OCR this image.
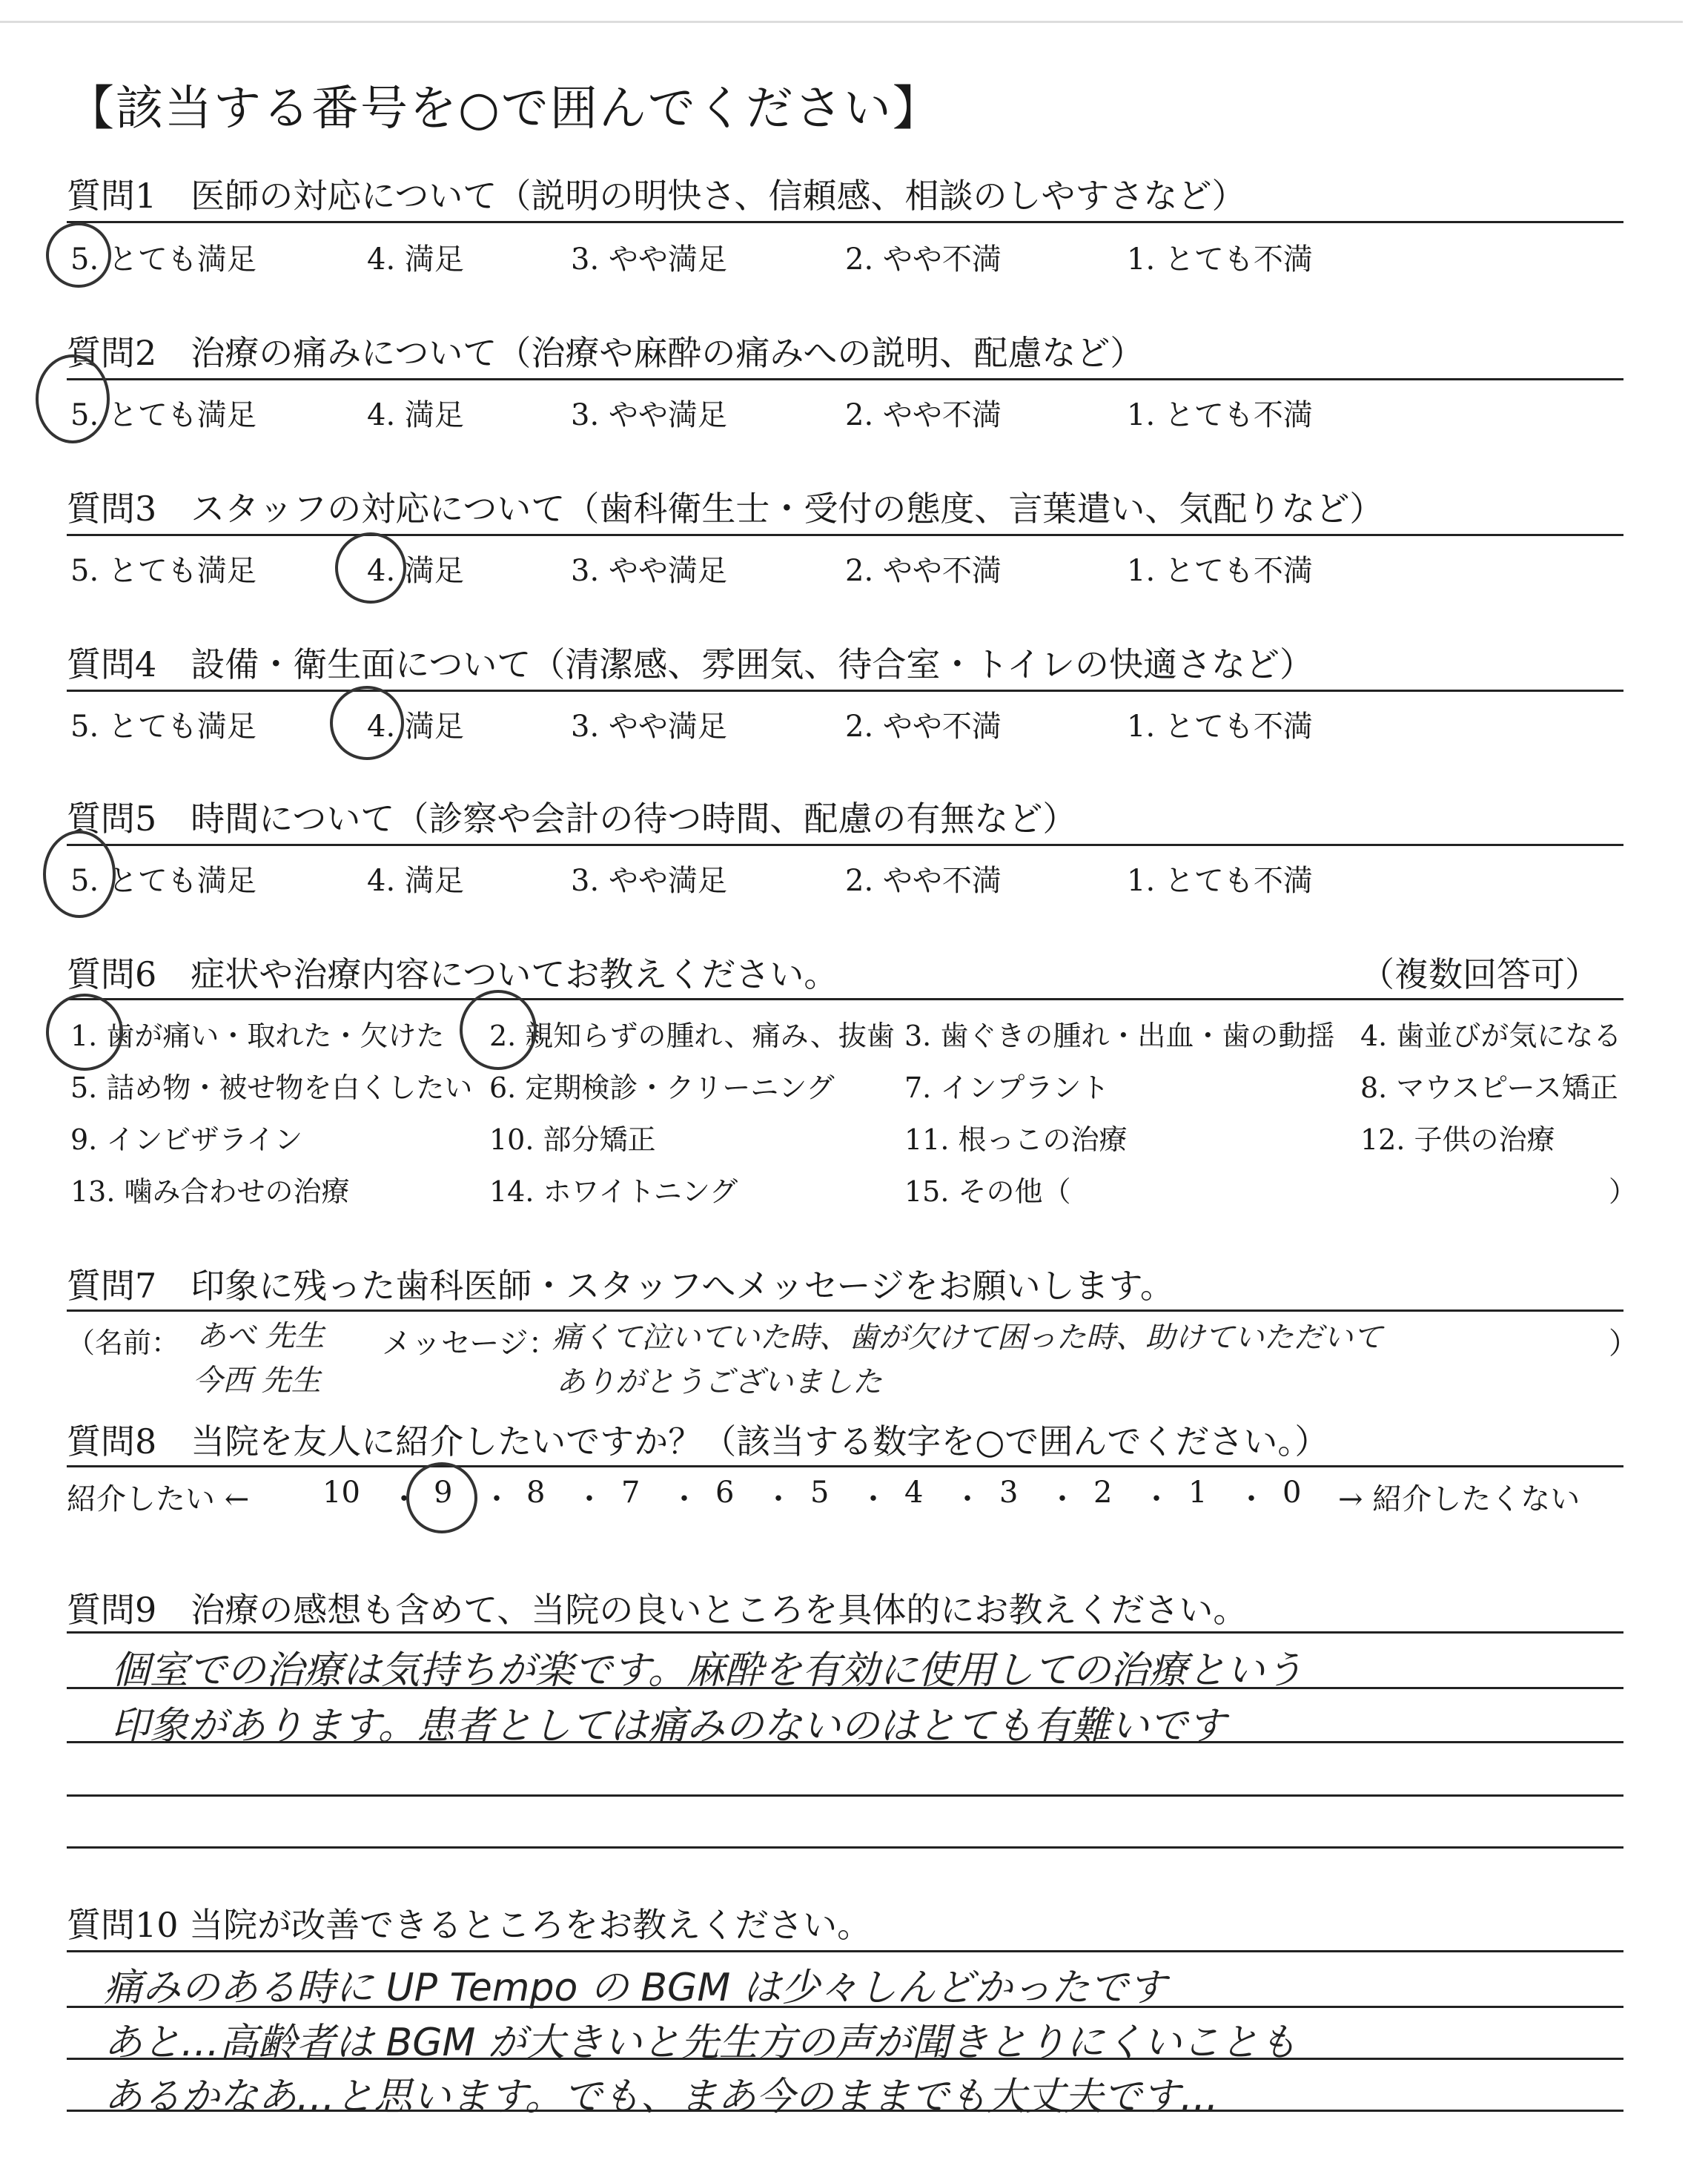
【該当する番号を○で囲んでください】
質問1　医師の対応について（説明の明快さ、信頼感、相談のしやすさなど）
5. とても満足	4. 満足	3. やや満足	2. やや不満	1. とても不満
質問2　治療の痛みについて（治療や麻酔の痛みへの説明、配慮など）
5. とても満足	4. 満足	3. やや満足	2. やや不満	1. とても不満
質問3　スタッフの対応について（歯科衛生士・受付の態度、言葉遣い、気配りなど）
5. とても満足	4. 満足	3. やや満足	2. やや不満	1. とても不満
質問4　設備・衛生面について（清潔感、雰囲気、待合室・トイレの快適さなど）
5. とても満足	4. 満足	3. やや満足	2. やや不満	1. とても不満
質問5　時間について（診察や会計の待つ時間、配慮の有無など）
5. とても満足	4. 満足	3. やや満足	2. やや不満	1. とても不満
質問6　症状や治療内容についてお教えください。	（複数回答可）
1. 歯が痛い・取れた・欠けた 2. 親知らずの腫れ、痛み、抜歯 3. 歯ぐきの腫れ・出血・歯の動揺 4. 歯並びが気になる
5. 詰め物・被せ物を白くしたい 6. 定期検診・クリーニング 7. インプラント	8. マウスピース矯正
9. インビザライン	10. 部分矯正	11. 根っこの治療	12. 子供の治療
13. 噛み合わせの治療	14. ホワイトニング	15. その他（	）
質問7　印象に残った歯科医師・スタッフへメッセージをお願いします。
（名前： あべ 先生
今西 先生
メッセージ：
痛くて泣いていた時、歯が欠けて困った時、助けていただいて
ありがとうございました
）
質問8　当院を友人に紹介したいですか？（該当する数字を○で囲んでください。）
紹介したい ← 10 ・ 9 ・ 8 ・ 7 ・ 6 ・ 5 ・ 4 ・ 3 ・ 2 ・ 1 ・ 0 → 紹介したくない
質問9　治療の感想も含めて、当院の良いところを具体的にお教えください。
個室での治療は気持ちが楽です。麻酔を有効に使用しての治療という
印象があります。患者としては痛みのないのはとても有難いです
質問10 当院が改善できるところをお教えください。
痛みのある時に UP Tempo の BGM は少々しんどかったです
あと…高齢者は BGM が大きいと先生方の声が聞きとりにくいことも
あるかなあ…と思います。でも、まあ今のままでも大丈夫です…
